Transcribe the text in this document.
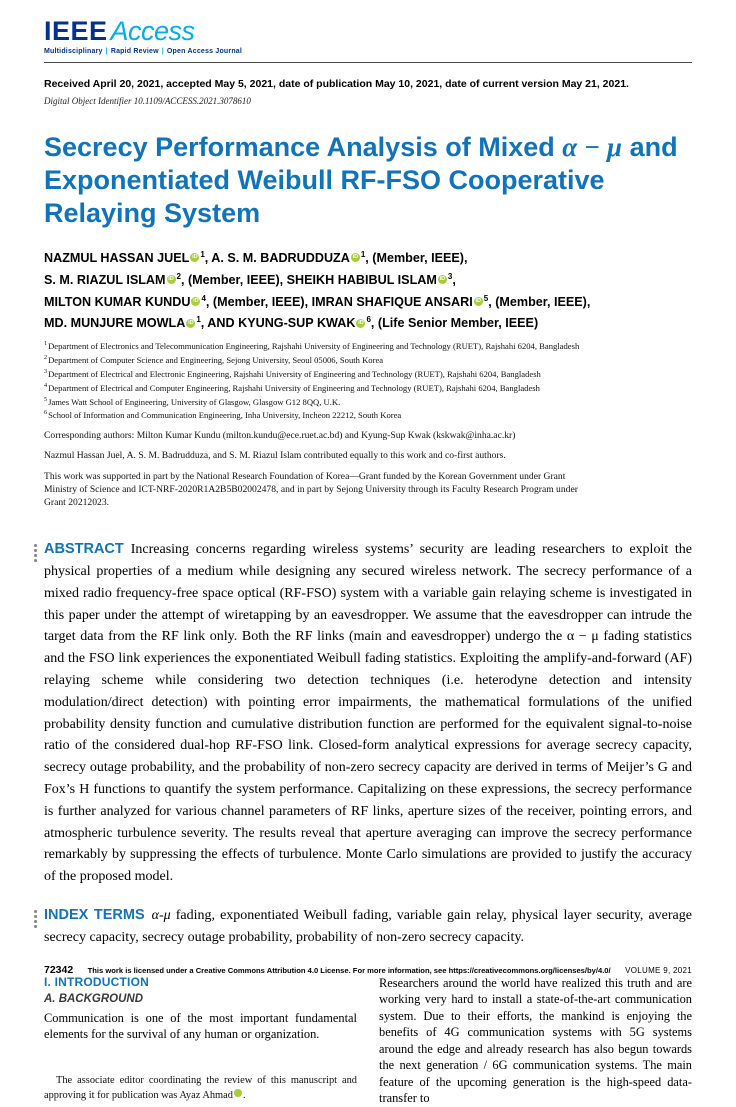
IEEE Access
Multidisciplinary | Rapid Review | Open Access Journal
Received April 20, 2021, accepted May 5, 2021, date of publication May 10, 2021, date of current version May 21, 2021.
Digital Object Identifier 10.1109/ACCESS.2021.3078610
Secrecy Performance Analysis of Mixed α − μ and
Exponentiated Weibull RF-FSO Cooperative
Relaying System
NAZMUL HASSAN JUEL iD $^1$, A. S. M. BADRUDDUZA iD $^1$, (Member, IEEE),
S. M. RIAZUL ISLAM iD $^2$, (Member, IEEE), SHEIKH HABIBUL ISLAM iD $^3$,
MILTON KUMAR KUNDU iD $^4$, (Member, IEEE), IMRAN SHAFIQUE ANSARI iD $^5$, (Member, IEEE),
MD. MUNJURE MOWLA iD $^1$, AND KYUNG-SUP KWAK iD $^6$, (Life Senior Member, IEEE)
$^1$Department of Electronics and Telecommunication Engineering, Rajshahi University of Engineering and Technology (RUET), Rajshahi 6204, Bangladesh
$^2$Department of Computer Science and Engineering, Sejong University, Seoul 05006, South Korea
$^3$Department of Electrical and Electronic Engineering, Rajshahi University of Engineering and Technology (RUET), Rajshahi 6204, Bangladesh
$^4$Department of Electrical and Computer Engineering, Rajshahi University of Engineering and Technology (RUET), Rajshahi 6204, Bangladesh
$^5$James Watt School of Engineering, University of Glasgow, Glasgow G12 8QQ, U.K.
$^6$School of Information and Communication Engineering, Inha University, Incheon 22212, South Korea
Corresponding authors: Milton Kumar Kundu (milton.kundu@ece.ruet.ac.bd) and Kyung-Sup Kwak (kskwak@inha.ac.kr)
Nazmul Hassan Juel, A. S. M. Badrudduza, and S. M. Riazul Islam contributed equally to this work and co-first authors.
This work was supported in part by the National Research Foundation of Korea—Grant funded by the Korean Government under Grant Ministry of Science and ICT-NRF-2020R1A2B5B02002478, and in part by Sejong University through its Faculty Research Program under Grant 20212023.
ABSTRACT Increasing concerns regarding wireless systems’ security are leading researchers to exploit the physical properties of a medium while designing any secured wireless network. The secrecy performance of a mixed radio frequency-free space optical (RF-FSO) system with a variable gain relaying scheme is investigated in this paper under the attempt of wiretapping by an eavesdropper. We assume that the eavesdropper can intrude the target data from the RF link only. Both the RF links (main and eavesdropper) undergo the α − μ fading statistics and the FSO link experiences the exponentiated Weibull fading statistics. Exploiting the amplify-and-forward (AF) relaying scheme while considering two detection techniques (i.e. heterodyne detection and intensity modulation/direct detection) with pointing error impairments, the mathematical formulations of the unified probability density function and cumulative distribution function are performed for the equivalent signal-to-noise ratio of the considered dual-hop RF-FSO link. Closed-form analytical expressions for average secrecy capacity, secrecy outage probability, and the probability of non-zero secrecy capacity are derived in terms of Meijer’s G and Fox’s H functions to quantify the system performance. Capitalizing on these expressions, the secrecy performance is further analyzed for various channel parameters of RF links, aperture sizes of the receiver, pointing errors, and atmospheric turbulence severity. The results reveal that aperture averaging can improve the secrecy performance remarkably by suppressing the effects of turbulence. Monte Carlo simulations are provided to justify the accuracy of the proposed model.
INDEX TERMS α-μ fading, exponentiated Weibull fading, variable gain relay, physical layer security, average secrecy capacity, secrecy outage probability, probability of non-zero secrecy capacity.
I. INTRODUCTION
A. BACKGROUND
Communication is one of the most important fundamental elements for the survival of any human or organization.
The associate editor coordinating the review of this manuscript and approving it for publication was Ayaz Ahmad	iD.
Researchers around the world have realized this truth and are working very hard to install a state-of-the-art communication system. Due to their efforts, the mankind is enjoying the benefits of 4G communication systems with 5G systems around the edge and already research has also begun towards the next generation / 6G communication systems. The main feature of the upcoming generation is the high-speed data-transfer to
72342	This work is licensed under a Creative Commons Attribution 4.0 License. For more information, see https://creativecommons.org/licenses/by/4.0/	VOLUME 9, 2021
